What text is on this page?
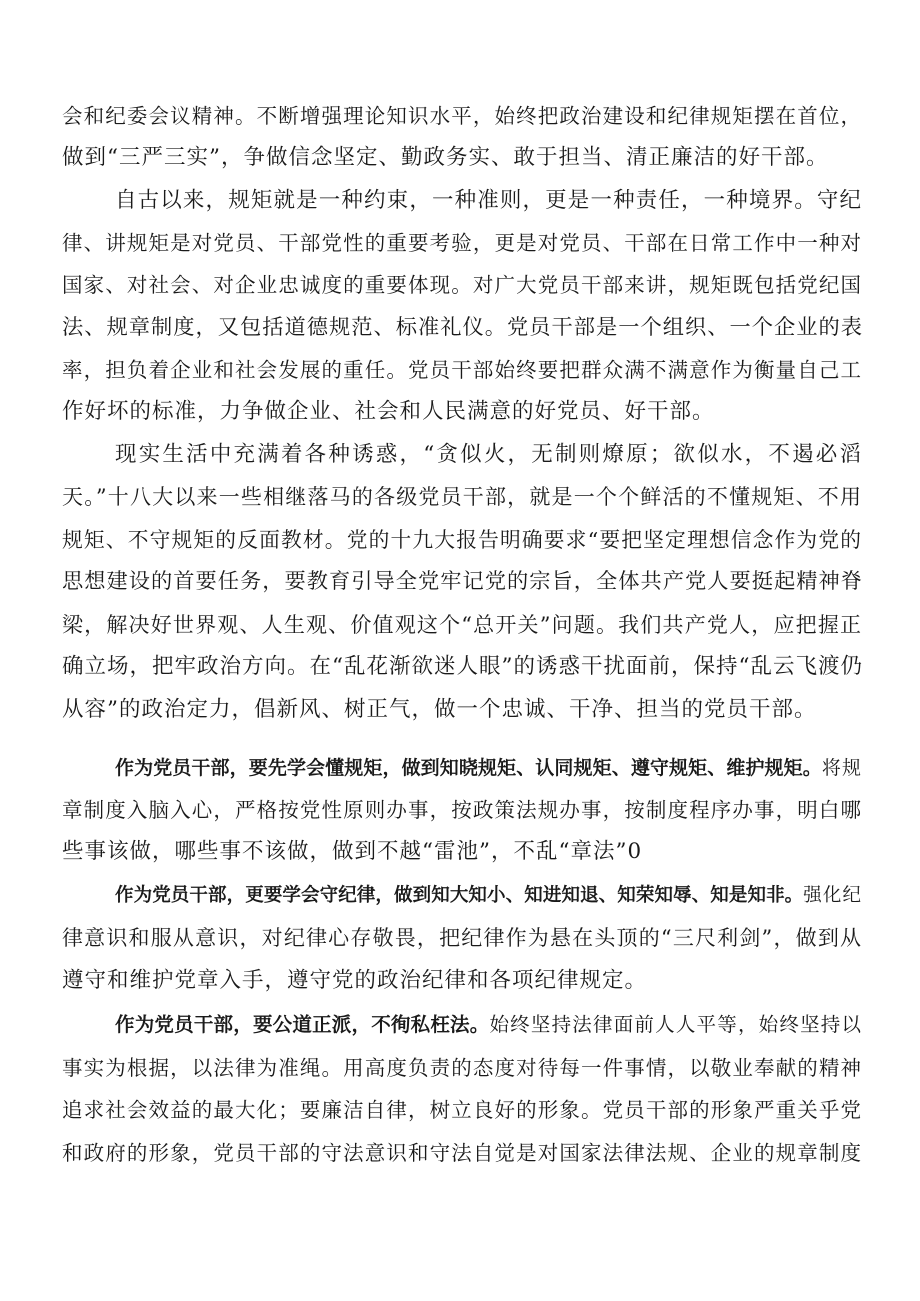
会和纪委会议精神。不断增强理论知识水平，始终把政治建设和纪律规矩摆在首位，
做到“三严三实”，争做信念坚定、勤政务实、敢于担当、清正廉洁的好干部。
自古以来，规矩就是一种约束，一种准则，更是一种责任，一种境界。守纪
律、讲规矩是对党员、干部党性的重要考验，更是对党员、干部在日常工作中一种对
国家、对社会、对企业忠诚度的重要体现。对广大党员干部来讲，规矩既包括党纪国
法、规章制度，又包括道德规范、标准礼仪。党员干部是一个组织、一个企业的表
率，担负着企业和社会发展的重任。党员干部始终要把群众满不满意作为衡量自己工
作好坏的标准，力争做企业、社会和人民满意的好党员、好干部。
现实生活中充满着各种诱惑，“贪似火，无制则燎原；欲似水，不遏必滔
天。”十八大以来一些相继落马的各级党员干部，就是一个个鲜活的不懂规矩、不用
规矩、不守规矩的反面教材。党的十九大报告明确要求“要把坚定理想信念作为党的
思想建设的首要任务，要教育引导全党牢记党的宗旨，全体共产党人要挺起精神脊
梁，解决好世界观、人生观、价值观这个“总开关”问题。我们共产党人，应把握正
确立场，把牢政治方向。在“乱花渐欲迷人眼”的诱惑干扰面前，保持“乱云飞渡仍
从容”的政治定力，倡新风、树正气，做一个忠诚、干净、担当的党员干部。
作为党员干部，要先学会懂规矩，做到知晓规矩、认同规矩、遵守规矩、维护规矩。将规
章制度入脑入心，严格按党性原则办事，按政策法规办事，按制度程序办事，明白哪
些事该做，哪些事不该做，做到不越“雷池”，不乱“章法”0
作为党员干部，更要学会守纪律，做到知大知小、知进知退、知荣知辱、知是知非。强化纪
律意识和服从意识，对纪律心存敬畏，把纪律作为悬在头顶的“三尺利剑”，做到从
遵守和维护党章入手，遵守党的政治纪律和各项纪律规定。
作为党员干部，要公道正派，不徇私枉法。始终坚持法律面前人人平等，始终坚持以
事实为根据，以法律为准绳。用高度负责的态度对待每一件事情，以敬业奉献的精神
追求社会效益的最大化；要廉洁自律，树立良好的形象。党员干部的形象严重关乎党
和政府的形象，党员干部的守法意识和守法自觉是对国家法律法规、企业的规章制度
